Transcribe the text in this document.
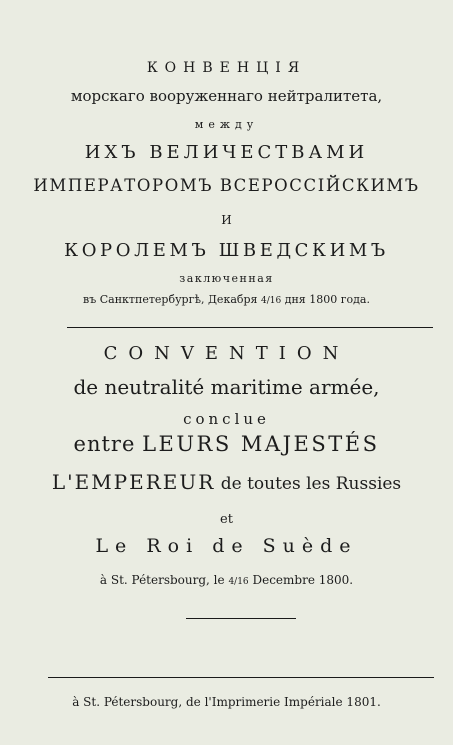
КОНВЕНЦІЯ
морскаго вооруженнаго нейтралитета,
между
ИХЪ ВЕЛИЧЕСТВАМИ
ИМПЕРАТОРОМЪ ВСЕРОССІЙСКИМЪ
И
КОРОЛЕМЪ ШВЕДСКИМЪ
заключенная
въ Санктпетербургѣ, Декабря 4/16 дня 1800 года.
CONVENTION
de neutralité maritime armée,
conclue
entre LEURS MAJESTÉS
L'EMPEREUR de toutes les Russies
et
Le Roi de Suède
à St. Pétersbourg, le 4/16 Decembre 1800.
à St. Pétersbourg, de l'Imprimerie Impériale 1801.
